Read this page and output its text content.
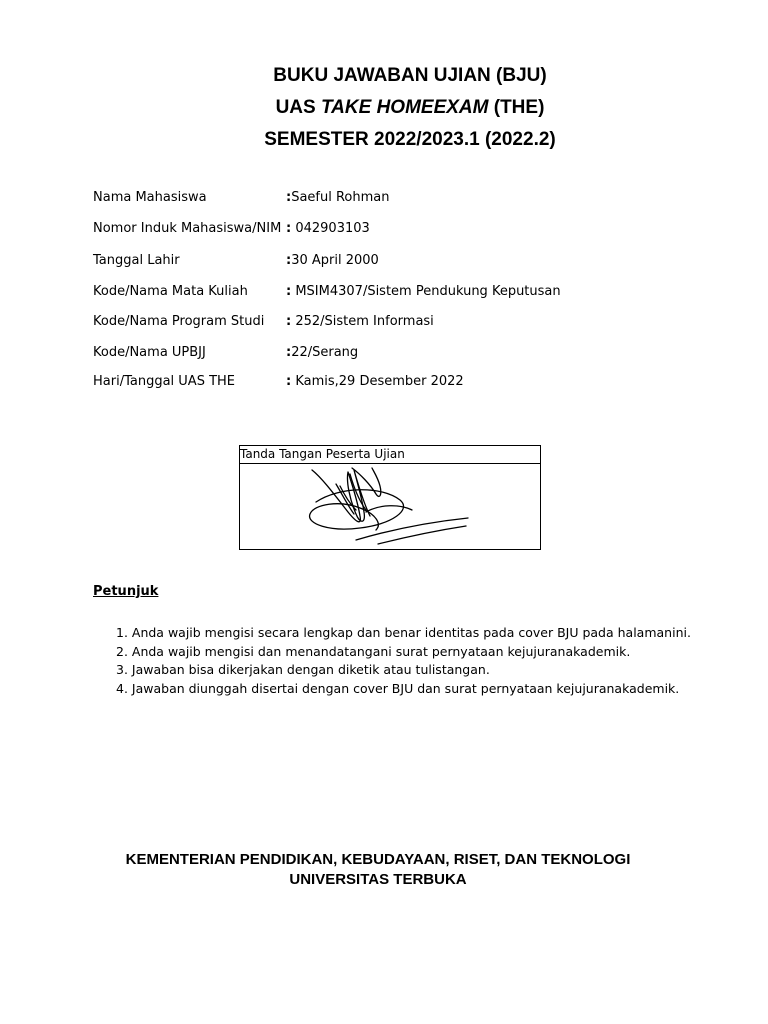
BUKU JAWABAN UJIAN (BJU)
UAS TAKE HOMEEXAM (THE)
SEMESTER 2022/2023.1 (2022.2)
Nama Mahasiswa	:Saeful Rohman
Nomor Induk Mahasiswa/NIM : 042903103
Tanggal Lahir	:30 April 2000
Kode/Nama Mata Kuliah	: MSIM4307/Sistem Pendukung Keputusan
Kode/Nama Program Studi : 252/Sistem Informasi
Kode/Nama UPBJJ	:22/Serang
Hari/Tanggal UAS THE	: Kamis,29 Desember 2022
Tanda Tangan Peserta Ujian
Petunjuk
1. Anda wajib mengisi secara lengkap dan benar identitas pada cover BJU pada halamanini.
2. Anda wajib mengisi dan menandatangani surat pernyataan kejujuranakademik.
3. Jawaban bisa dikerjakan dengan diketik atau tulistangan.
4. Jawaban diunggah disertai dengan cover BJU dan surat pernyataan kejujuranakademik.
KEMENTERIAN PENDIDIKAN, KEBUDAYAAN, RISET, DAN TEKNOLOGI
UNIVERSITAS TERBUKA
